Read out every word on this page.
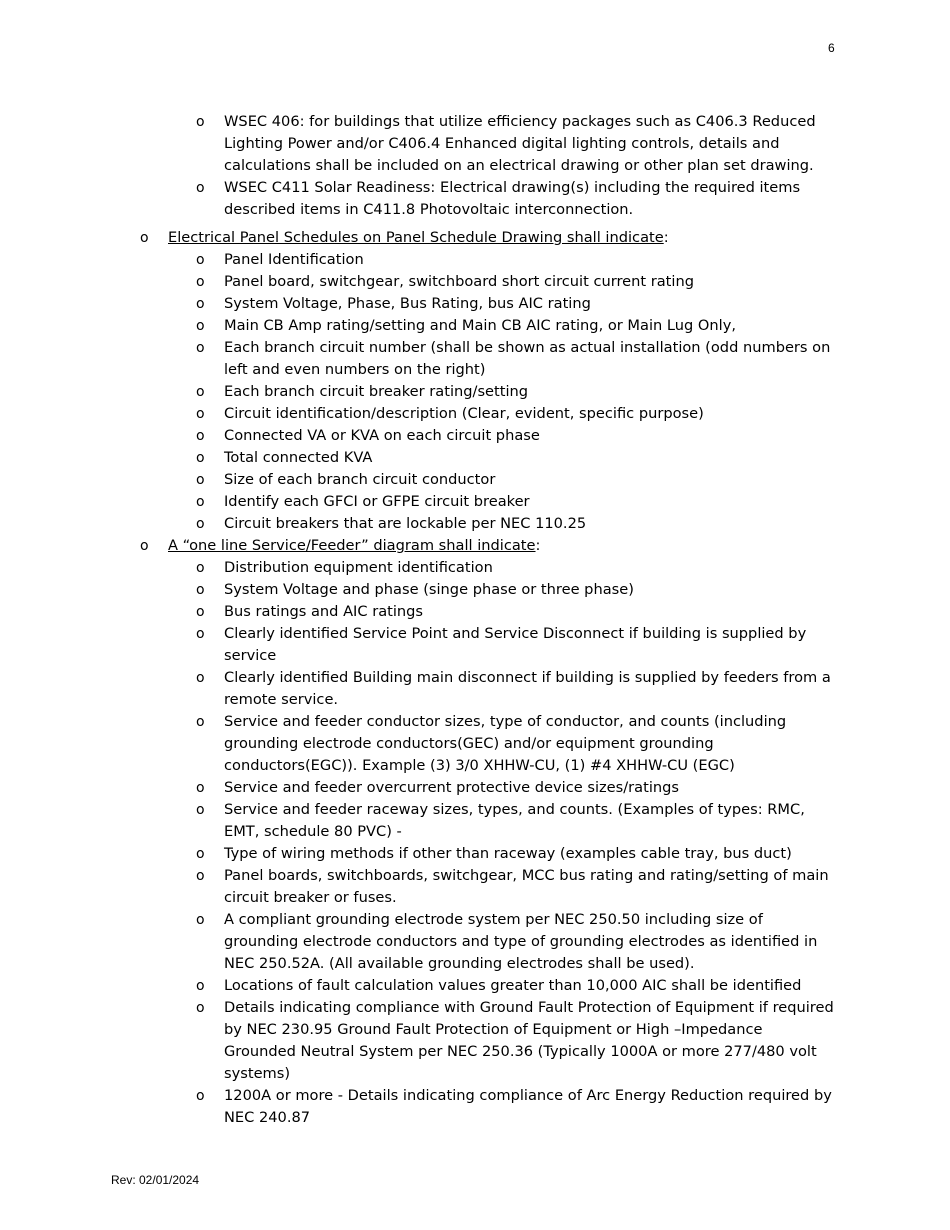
6
o	WSEC 406: for buildings that utilize efficiency packages such as C406.3 Reduced Lighting Power and/or C406.4 Enhanced digital lighting controls, details and calculations shall be included on an electrical drawing or other plan set drawing.
o	WSEC C411 Solar Readiness: Electrical drawing(s) including the required items described items in C411.8 Photovoltaic interconnection.
o	Electrical Panel Schedules on Panel Schedule Drawing shall indicate:
o	Panel Identification
o	Panel board, switchgear, switchboard short circuit current rating
o	System Voltage, Phase, Bus Rating, bus AIC rating
o	Main CB Amp rating/setting and Main CB AIC rating, or Main Lug Only,
o	Each branch circuit number (shall be shown as actual installation (odd numbers on left and even numbers on the right)
o	Each branch circuit breaker rating/setting
o	Circuit identification/description (Clear, evident, specific purpose)
o	Connected VA or KVA on each circuit phase
o	Total connected KVA
o	Size of each branch circuit conductor
o	Identify each GFCI or GFPE circuit breaker
o	Circuit breakers that are lockable per NEC 110.25
o	A “one line Service/Feeder” diagram shall indicate:
o	Distribution equipment identification
o	System Voltage and phase (singe phase or three phase)
o	Bus ratings and AIC ratings
o	Clearly identified Service Point and Service Disconnect if building is supplied by service
o	Clearly identified Building main disconnect if building is supplied by feeders from a remote service.
o	Service and feeder conductor sizes, type of conductor, and counts (including grounding electrode conductors(GEC) and/or equipment grounding conductors(EGC)). Example (3) 3/0 XHHW-CU, (1) #4 XHHW-CU (EGC)
o	Service and feeder overcurrent protective device sizes/ratings
o	Service and feeder raceway sizes, types, and counts. (Examples of types: RMC, EMT, schedule 80 PVC) -
o	Type of wiring methods if other than raceway (examples cable tray, bus duct)
o	Panel boards, switchboards, switchgear, MCC bus rating and rating/setting of main circuit breaker or fuses.
o	A compliant grounding electrode system per NEC 250.50 including size of grounding electrode conductors and type of grounding electrodes as identified in NEC 250.52A. (All available grounding electrodes shall be used).
o	Locations of fault calculation values greater than 10,000 AIC shall be identified
o	Details indicating compliance with Ground Fault Protection of Equipment if required by NEC 230.95 Ground Fault Protection of Equipment or High –Impedance Grounded Neutral System per NEC 250.36 (Typically 1000A or more 277/480 volt systems)
o	1200A or more - Details indicating compliance of Arc Energy Reduction required by NEC 240.87
Rev: 02/01/2024
